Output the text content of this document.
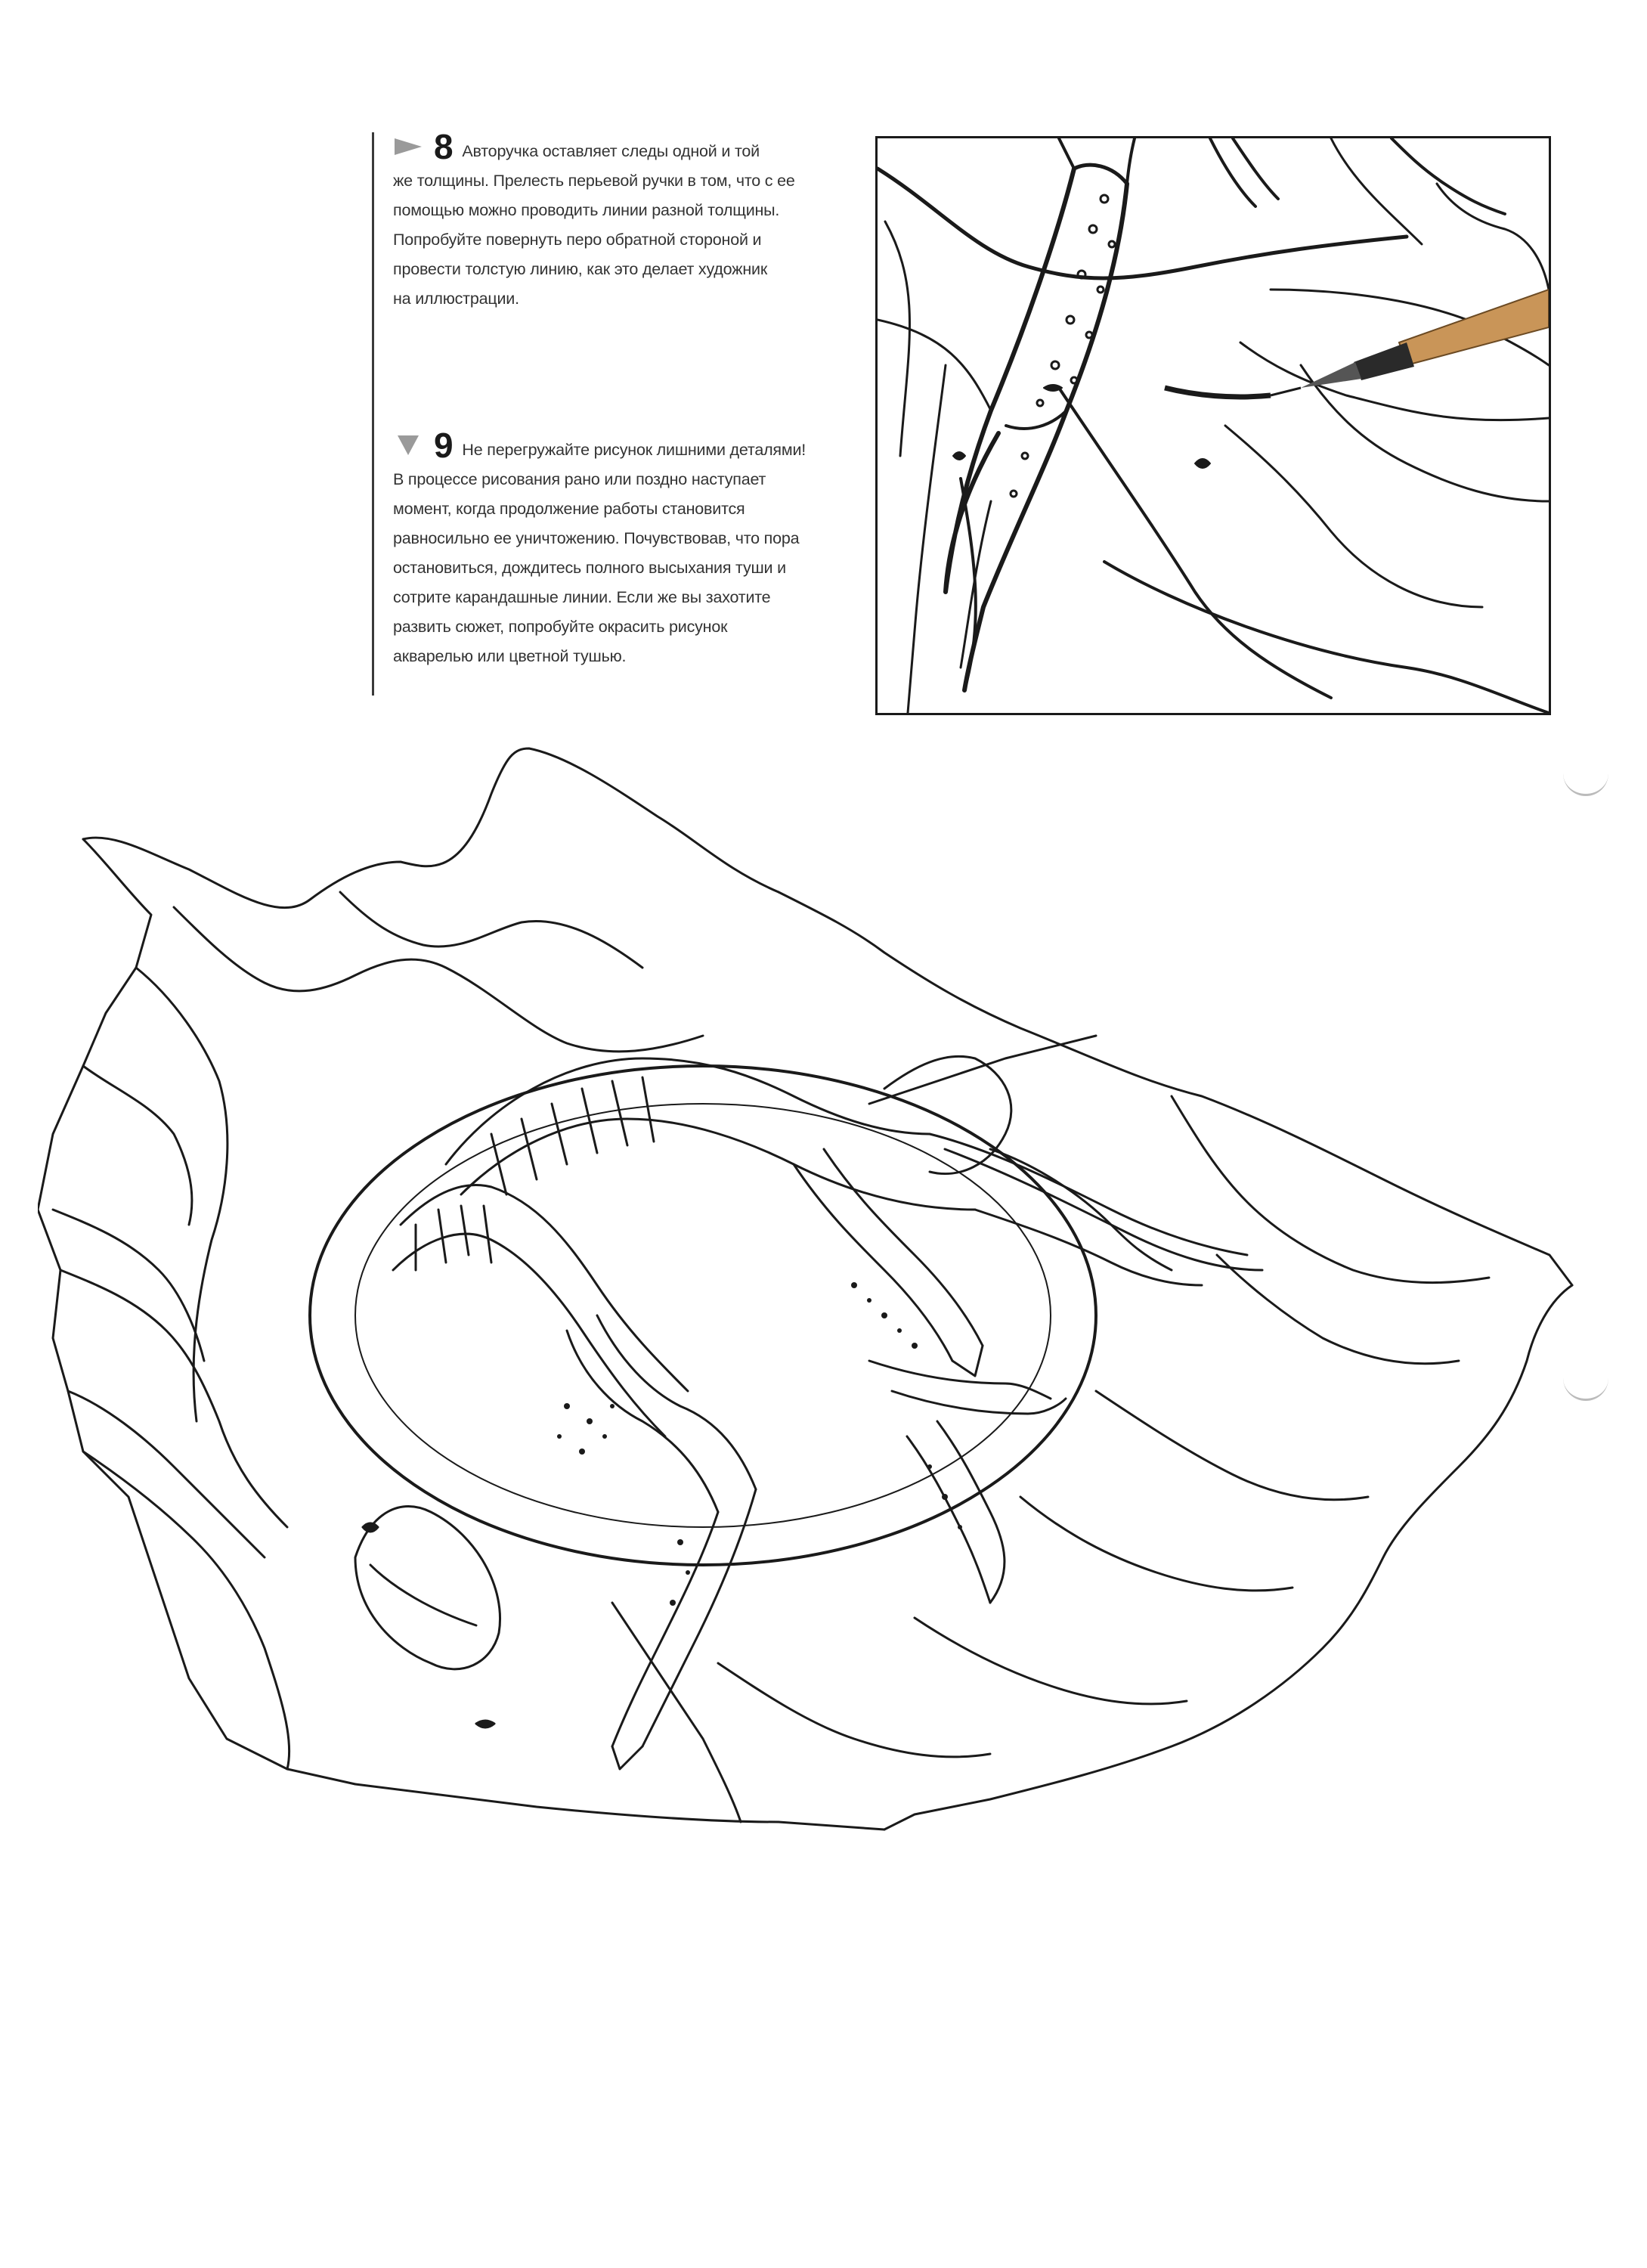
8 Авторучка оставляет следы одной и той
же толщины. Прелесть перьевой ручки в том, что с ее
помощью можно проводить линии разной толщины.
Попробуйте повернуть перо обратной стороной и
провести толстую линию, как это делает художник
на иллюстрации.

9 Не перегружайте рисунок лишними деталями!
В процессе рисования рано или поздно наступает
момент, когда продолжение работы становится
равносильно ее уничтожению. Почувствовав, что пора
остановиться, дождитесь полного высыхания туши и
сотрите карандашные линии. Если же вы захотите
развить сюжет, попробуйте окрасить рисунок
акварелью или цветной тушью.
